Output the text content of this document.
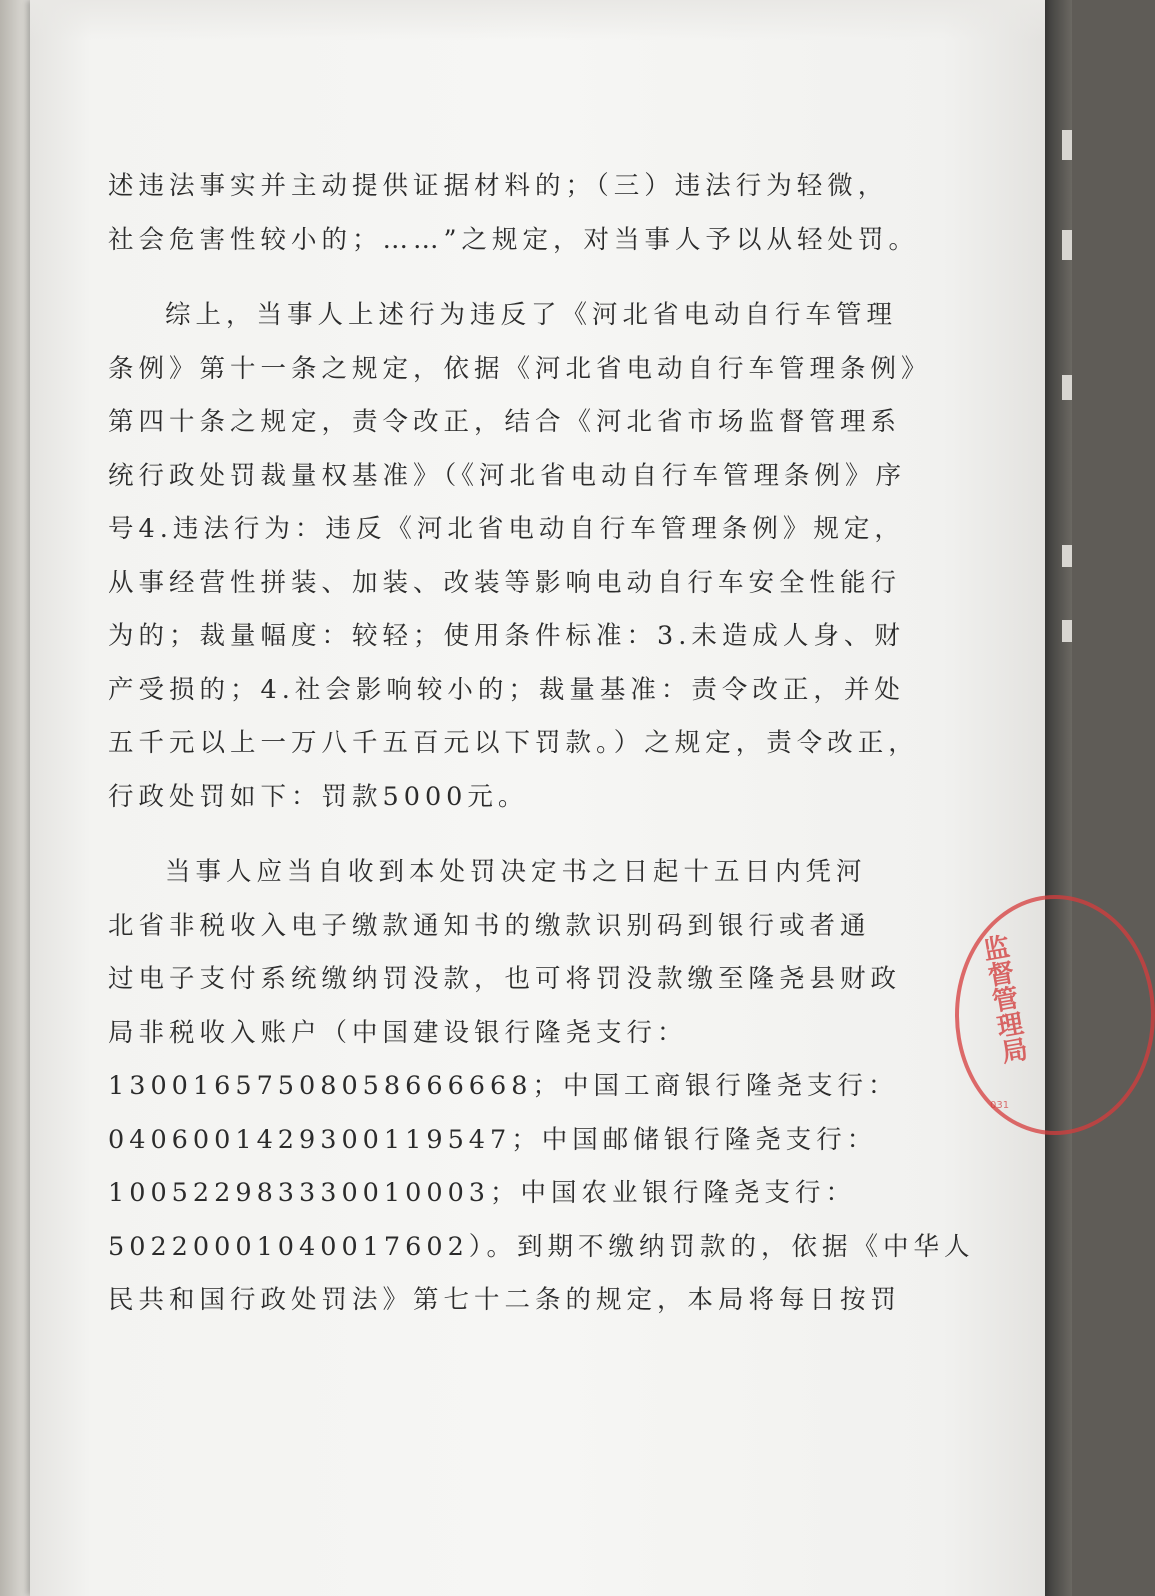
述违法事实并主动提供证据材料的；（三）违法行为轻微，
社会危害性较小的；……”之规定，对当事人予以从轻处罚。
综上，当事人上述行为违反了《河北省电动自行车管理
条例》第十一条之规定，依据《河北省电动自行车管理条例》
第四十条之规定，责令改正，结合《河北省市场监督管理系
统行政处罚裁量权基准》（《河北省电动自行车管理条例》序
号4.违法行为：违反《河北省电动自行车管理条例》规定，
从事经营性拼装、加装、改装等影响电动自行车安全性能行
为的；裁量幅度：较轻；使用条件标准：3.未造成人身、财
产受损的；4.社会影响较小的；裁量基准：责令改正，并处
五千元以上一万八千五百元以下罚款。）之规定，责令改正，
行政处罚如下：罚款5000元。
当事人应当自收到本处罚决定书之日起十五日内凭河
北省非税收入电子缴款通知书的缴款识别码到银行或者通
过电子支付系统缴纳罚没款，也可将罚没款缴至隆尧县财政
局非税收入账户（中国建设银行隆尧支行：
13001657508058666668；中国工商银行隆尧支行：
0406001429300119547；中国邮储银行隆尧支行：
100522983330010003；中国农业银行隆尧支行：
50220001040017602）。到期不缴纳罚款的，依据《中华人
民共和国行政处罚法》第七十二条的规定，本局将每日按罚
监督管理局
031
